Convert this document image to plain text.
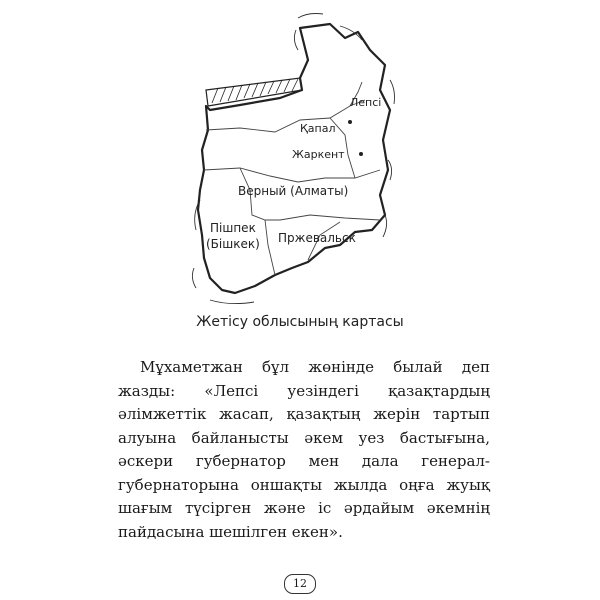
Лепсі
Қапал
Жаркент
Верный (Алматы)
Пішпек
(Бішкек) Пржевальск
Жетісу облысының картасы

Мұхаметжан бұл жөнінде былай деп жазды: «Лепсі уезіндегі қазақтардың әлімжеттік жасап, қазақтың жерін тартып алуына байланысты әкем уез бастығына, әскери губернатор мен дала генерал-губернаторына оншақты жылда оңға жуық шағым түсірген және іс әрдайым әкемнің пайдасына шешілген екен».

12
